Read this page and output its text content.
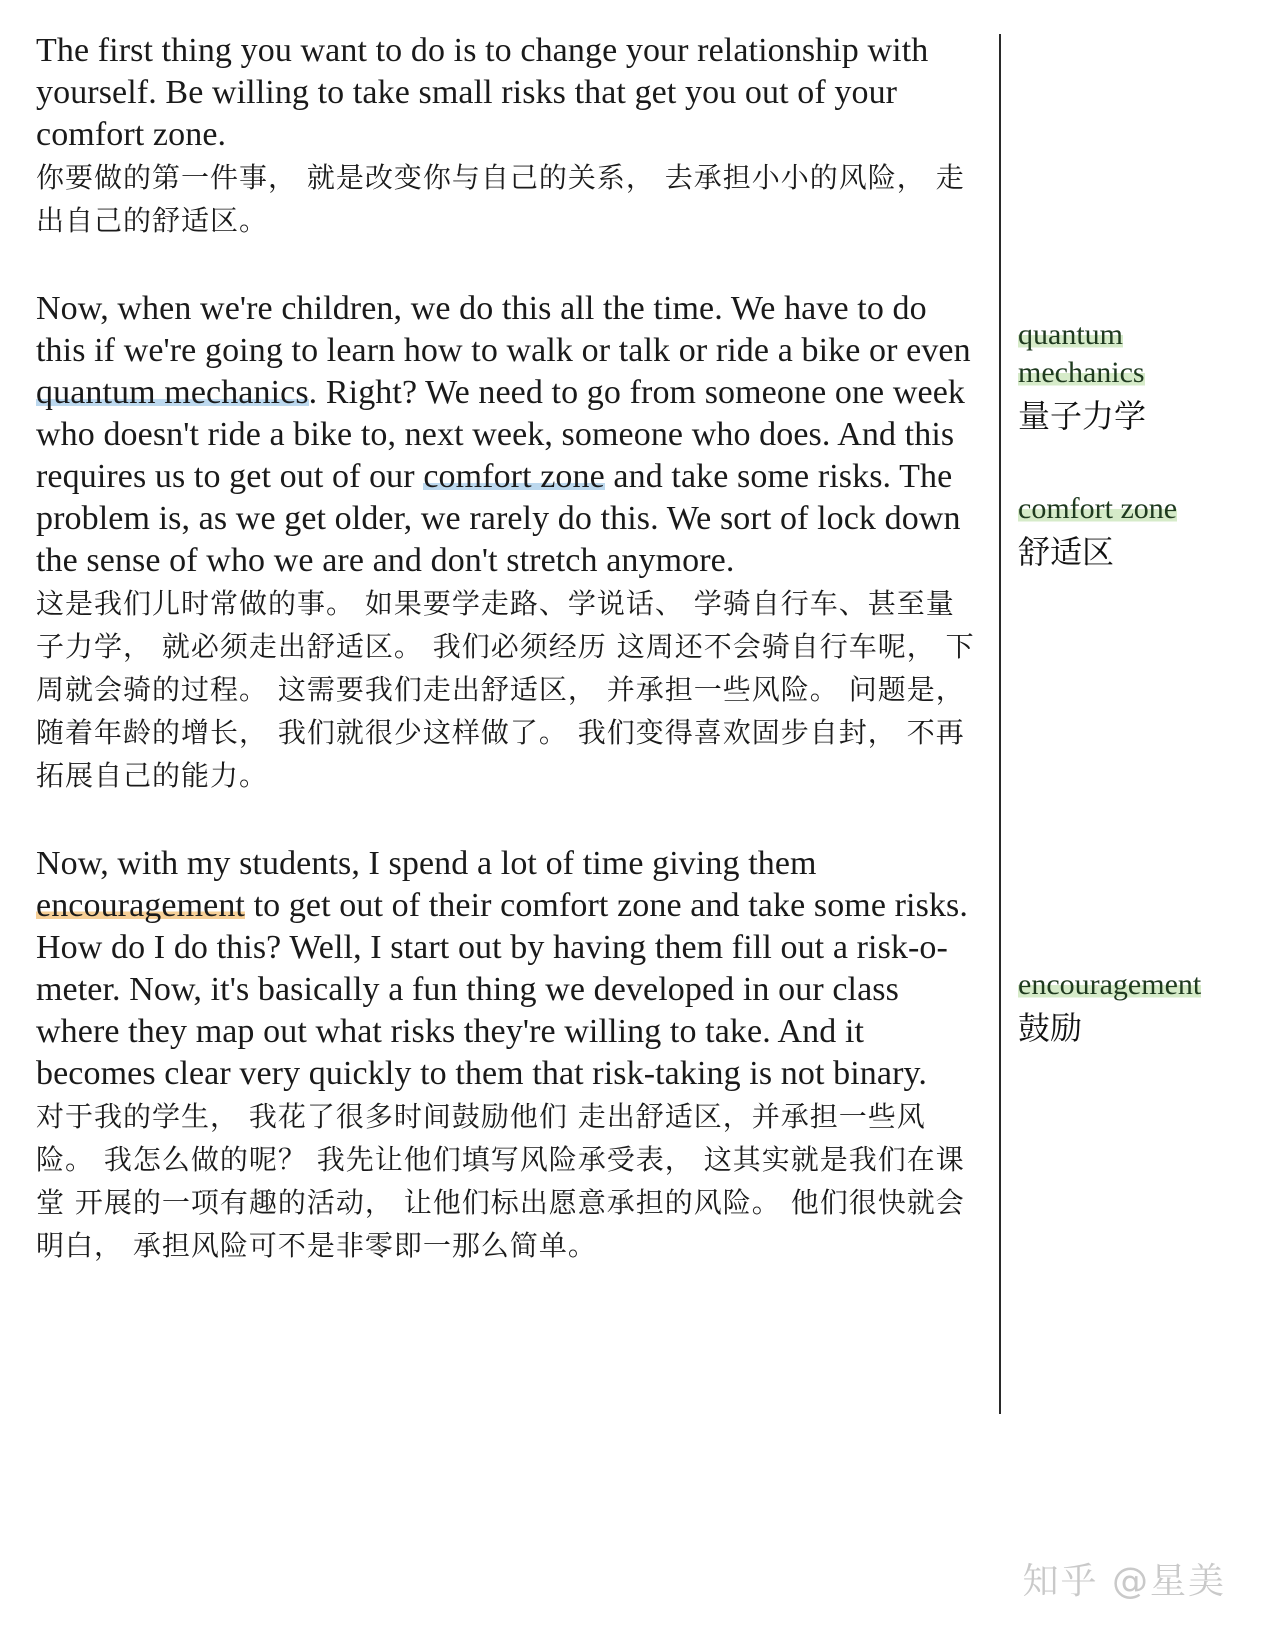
The first thing you want to do is to change your relationship with yourself. Be willing to take small risks that get you out of your comfort zone.

你要做的第一件事， 就是改变你与自己的关系， 去承担小小的风险， 走出自己的舒适区。

Now, when we're children, we do this all the time. We have to do this if we're going to learn how to walk or talk or ride a bike or even quantum mechanics. Right? We need to go from someone one week who doesn't ride a bike to, next week, someone who does. And this requires us to get out of our comfort zone and take some risks. The problem is, as we get older, we rarely do this. We sort of lock down the sense of who we are and don't stretch anymore.

这是我们儿时常做的事。 如果要学走路、学说话、 学骑自行车、甚至量子力学， 就必须走出舒适区。 我们必须经历 这周还不会骑自行车呢， 下周就会骑的过程。 这需要我们走出舒适区， 并承担一些风险。 问题是，随着年龄的增长， 我们就很少这样做了。 我们变得喜欢固步自封， 不再拓展自己的能力。

Now, with my students, I spend a lot of time giving them encouragement to get out of their comfort zone and take some risks. How do I do this? Well, I start out by having them fill out a risk-o-meter. Now, it's basically a fun thing we developed in our class where they map out what risks they're willing to take. And it becomes clear very quickly to them that risk-taking is not binary.

对于我的学生， 我花了很多时间鼓励他们 走出舒适区，并承担一些风险。 我怎么做的呢？ 我先让他们填写风险承受表， 这其实就是我们在课堂 开展的一项有趣的活动， 让他们标出愿意承担的风险。 他们很快就会明白， 承担风险可不是非零即一那么简单。

quantum
mechanics

量子力学

comfort zone

舒适区

encouragement

鼓励

知乎 @星美
